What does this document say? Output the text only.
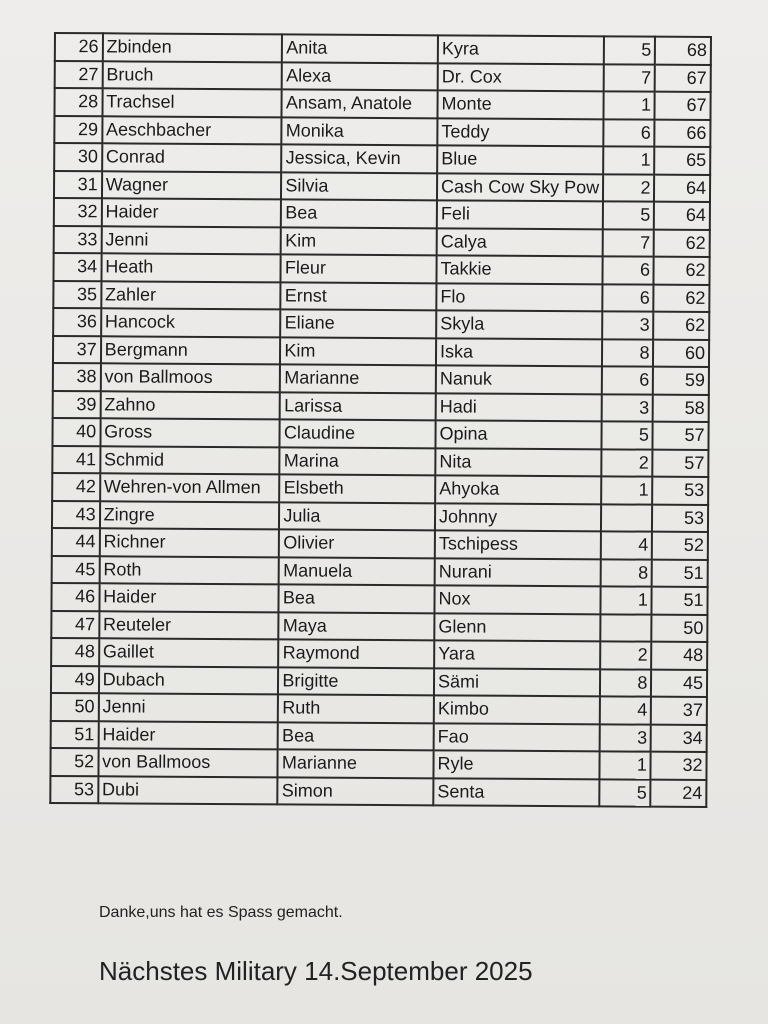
26	Zbinden	Anita	Kyra	5	68
27	Bruch	Alexa	Dr. Cox	7	67
28	Trachsel	Ansam, Anatole	Monte	1	67
29	Aeschbacher	Monika	Teddy	6	66
30	Conrad	Jessica, Kevin	Blue	1	65
31	Wagner	Silvia	Cash Cow Sky Pow	2	64
32	Haider	Bea	Feli	5	64
33	Jenni	Kim	Calya	7	62
34	Heath	Fleur	Takkie	6	62
35	Zahler	Ernst	Flo	6	62
36	Hancock	Eliane	Skyla	3	62
37	Bergmann	Kim	Iska	8	60
38	von Ballmoos	Marianne	Nanuk	6	59
39	Zahno	Larissa	Hadi	3	58
40	Gross	Claudine	Opina	5	57
41	Schmid	Marina	Nita	2	57
42	Wehren-von Allmen	Elsbeth	Ahyoka	1	53
43	Zingre	Julia	Johnny		53
44	Richner	Olivier	Tschipess	4	52
45	Roth	Manuela	Nurani	8	51
46	Haider	Bea	Nox	1	51
47	Reuteler	Maya	Glenn		50
48	Gaillet	Raymond	Yara	2	48
49	Dubach	Brigitte	Sämi	8	45
50	Jenni	Ruth	Kimbo	4	37
51	Haider	Bea	Fao	3	34
52	von Ballmoos	Marianne	Ryle	1	32
53	Dubi	Simon	Senta	5	24
Danke,uns hat es Spass gemacht.
Nächstes Military 14.September 2025
